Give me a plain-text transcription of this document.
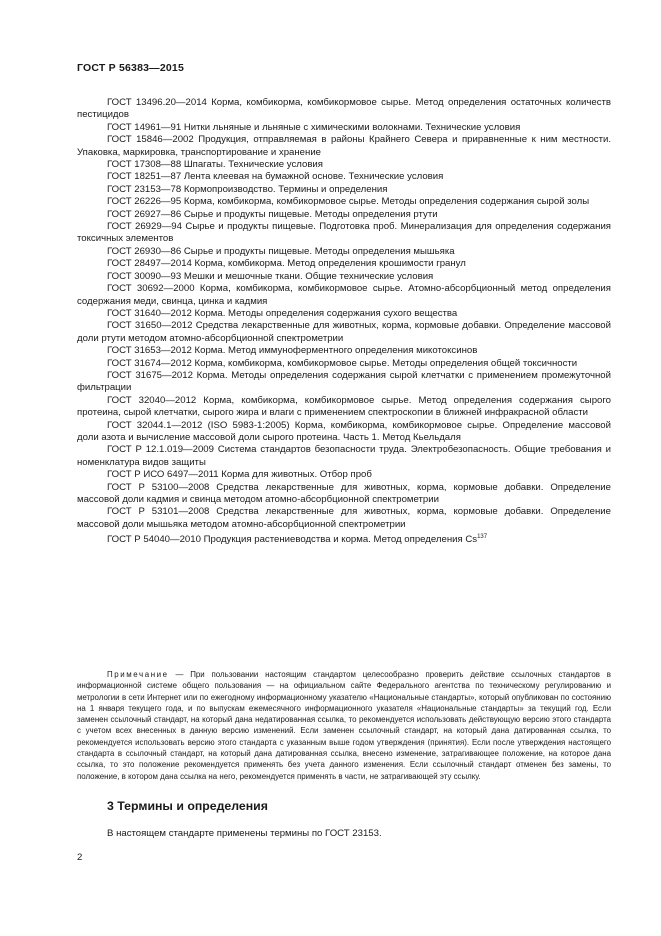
ГОСТ Р 56383—2015

ГОСТ 13496.20—2014 Корма, комбикорма, комбикормовое сырье. Метод определения остаточных количеств пестицидов

ГОСТ 14961—91 Нитки льняные и льняные с химическими волокнами. Технические условия

ГОСТ 15846—2002 Продукция, отправляемая в районы Крайнего Севера и приравненные к ним местности. Упаковка, маркировка, транспортирование и хранение

ГОСТ 17308—88 Шпагаты. Технические условия

ГОСТ 18251—87 Лента клеевая на бумажной основе. Технические условия

ГОСТ 23153—78 Кормопроизводство. Термины и определения

ГОСТ 26226—95 Корма, комбикорма, комбикормовое сырье. Методы определения содержания сырой золы

ГОСТ 26927—86 Сырье и продукты пищевые. Методы определения ртути

ГОСТ 26929—94 Сырье и продукты пищевые. Подготовка проб. Минерализация для определения содержания токсичных элементов

ГОСТ 26930—86 Сырье и продукты пищевые. Методы определения мышьяка

ГОСТ 28497—2014 Корма, комбикорма. Метод определения крошимости гранул

ГОСТ 30090—93 Мешки и мешочные ткани. Общие технические условия

ГОСТ 30692—2000 Корма, комбикорма, комбикормовое сырье. Атомно-абсорбционный метод определения содержания меди, свинца, цинка и кадмия

ГОСТ 31640—2012 Корма. Методы определения содержания сухого вещества

ГОСТ 31650—2012 Средства лекарственные для животных, корма, кормовые добавки. Определение массовой доли ртути методом атомно-абсорбционной спектрометрии

ГОСТ 31653—2012 Корма. Метод иммуноферментного определения микотоксинов

ГОСТ 31674—2012 Корма, комбикорма, комбикормовое сырье. Методы определения общей токсичности

ГОСТ 31675—2012 Корма. Методы определения содержания сырой клетчатки с применением промежуточной фильтрации

ГОСТ 32040—2012 Корма, комбикорма, комбикормовое сырье. Метод определения содержания сырого протеина, сырой клетчатки, сырого жира и влаги с применением спектроскопии в ближней инфракрасной области

ГОСТ 32044.1—2012 (ISO 5983-1:2005) Корма, комбикорма, комбикормовое сырье. Определение массовой доли азота и вычисление массовой доли сырого протеина. Часть 1. Метод Кьельдаля

ГОСТ Р 12.1.019—2009 Система стандартов безопасности труда. Электробезопасность. Общие требования и номенклатура видов защиты

ГОСТ Р ИСО 6497—2011 Корма для животных. Отбор проб

ГОСТ Р 53100—2008 Средства лекарственные для животных, корма, кормовые добавки. Определение массовой доли кадмия и свинца методом атомно-абсорбционной спектрометрии

ГОСТ Р 53101—2008 Средства лекарственные для животных, корма, кормовые добавки. Определение массовой доли мышьяка методом атомно-абсорбционной спектрометрии

ГОСТ Р 54040—2010 Продукция растениеводства и корма. Метод определения Cs$^{137}$

Примечание — При пользовании настоящим стандартом целесообразно проверить действие ссылочных стандартов в информационной системе общего пользования — на официальном сайте Федерального агентства по техническому регулированию и метрологии в сети Интернет или по ежегодному информационному указателю «Национальные стандарты», который опубликован по состоянию на 1 января текущего года, и по выпускам ежемесячного информационного указателя «Национальные стандарты» за текущий год. Если заменен ссылочный стандарт, на который дана недатированная ссылка, то рекомендуется использовать действующую версию этого стандарта с учетом всех внесенных в данную версию изменений. Если заменен ссылочный стандарт, на который дана датированная ссылка, то рекомендуется использовать версию этого стандарта с указанным выше годом утверждения (принятия). Если после утверждения настоящего стандарта в ссылочный стандарт, на который дана датированная ссылка, внесено изменение, затрагивающее положение, на которое дана ссылка, то это положение рекомендуется применять без учета данного изменения. Если ссылочный стандарт отменен без замены, то положение, в котором дана ссылка на него, рекомендуется применять в части, не затрагивающей эту ссылку.

3 Термины и определения
В настоящем стандарте применены термины по ГОСТ 23153.
2
